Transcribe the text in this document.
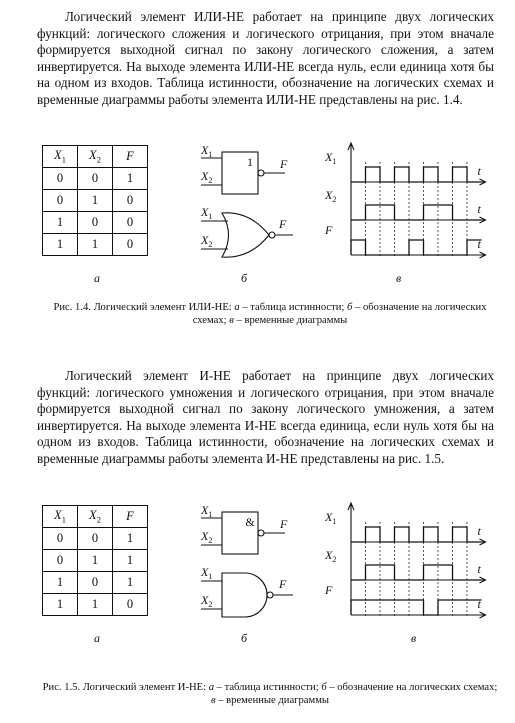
Логический элемент ИЛИ-НЕ работает на принципе двух логических функций: логического сложения и логического отрицания, при этом вначале формируется выходной сигнал по закону логического сложения, а затем инвертируется. На выходе элемента ИЛИ-НЕ всегда нуль, если единица хотя бы на одном из входов. Таблица истинности, обозначение на логических схемах и временные диаграммы работы элемента ИЛИ-НЕ представлены на рис. 1.4.

$X_1$	$X_2$	F
0	0	1
0	1	0
1	0	0
1	1	0
$X_1$
$X_2$
1 F
$X_1$
$X_2$
F
t
$X_1$
t
$X_2$
t
F
а	б	в
Рис. 1.4. Логический элемент ИЛИ-НЕ: а – таблица истинности; б – обозначение на логических схемах; в – временные диаграммы

Логический элемент И-НЕ работает на принципе двух логических функций: логического умножения и логического отрицания, при этом вначале формируется выходной сигнал по закону логического умножения, а затем инвертируется. На выходе элемента И-НЕ всегда единица, если нуль хотя бы на одном из входов. Таблица истинности, обозначение на логических схемах и временные диаграммы работы элемента И-НЕ представлены на рис. 1.5.

$X_1$	$X_2$	F
0	0	1
0	1	1
1	0	1
1	1	0
$X_1$
$X_2$
& F
$X_1$
$X_2$
F
t
$X_1$
t
$X_2$
t
F
а	б	в
Рис. 1.5. Логический элемент И-НЕ: а – таблица истинности; б – обозначение на логических схемах; в – временные диаграммы
